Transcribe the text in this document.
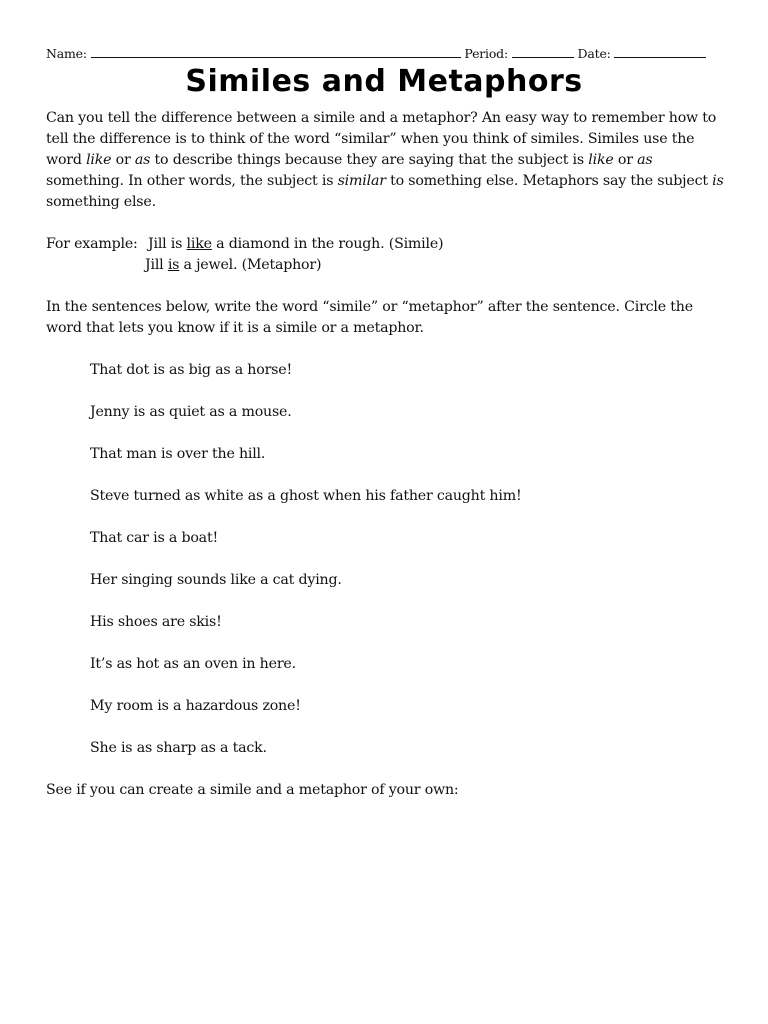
Name:	Period:	Date:
Similes and Metaphors
Can you tell the difference between a simile and a metaphor? An easy way to remember how to tell the difference is to think of the word “similar” when you think of similes. Similes use the word like or as to describe things because they are saying that the subject is like or as something. In other words, the subject is similar to something else. Metaphors say the subject is something else.
For example: Jill is like a diamond in the rough. (Simile)
Jill is a jewel. (Metaphor)
In the sentences below, write the word “simile” or “metaphor” after the sentence. Circle the word that lets you know if it is a simile or a metaphor.
That dot is as big as a horse!
Jenny is as quiet as a mouse.
That man is over the hill.
Steve turned as white as a ghost when his father caught him!
That car is a boat!
Her singing sounds like a cat dying.
His shoes are skis!
It’s as hot as an oven in here.
My room is a hazardous zone!
She is as sharp as a tack.
See if you can create a simile and a metaphor of your own:
